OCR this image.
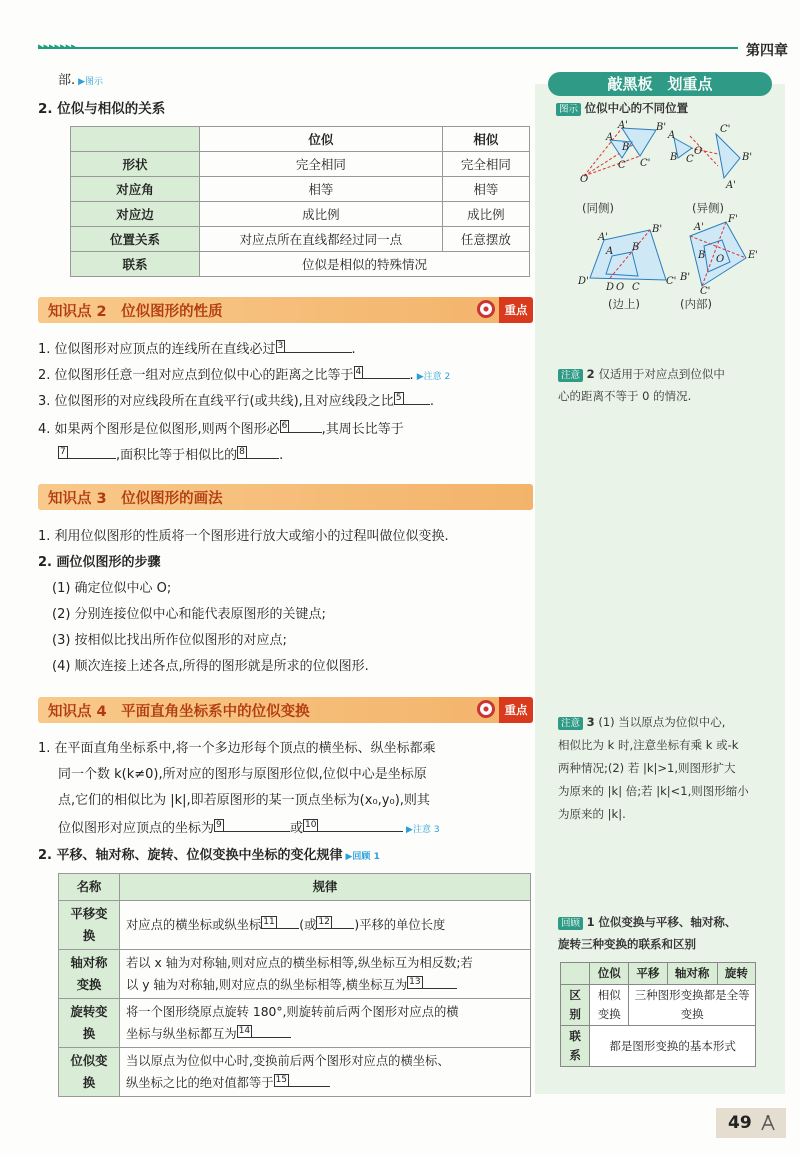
第四章
部. ▶图示
2. 位似与相似的关系
	位似	相似
形状	完全相同	完全相同
对应角	相等	相等
对应边	成比例	成比例
位置关系	对应点所在直线都经过同一点	任意摆放
联系	位似是相似的特殊情况	
知识点 2　位似图形的性质	重点
1. 位似图形对应顶点的连线所在直线必过 3	.
2. 位似图形任意一组对应点到位似中心的距离之比等于 4	. ▶注意 2
3. 位似图形的对应线段所在直线平行(或共线),且对应线段之比 5 .
4. 如果两个图形是位似图形,则两个图形必 6	,其周长比等于
7	,面积比等于相似比的 8	.
知识点 3　位似图形的画法
1. 利用位似图形的性质将一个图形进行放大或缩小的过程叫做位似变换.
2. 画位似图形的步骤
(1) 确定位似中心 O;
(2) 分别连接位似中心和能代表原图形的关键点;
(3) 按相似比找出所作位似图形的对应点;
(4) 顺次连接上述各点,所得的图形就是所求的位似图形.
知识点 4　平面直角坐标系中的位似变换	重点
1. 在平面直角坐标系中,将一个多边形每个顶点的横坐标、纵坐标都乘
同一个数 k(k≠0),所对应的图形与原图形位似,位似中心是坐标原
点,它们的相似比为 |k|,即若原图形的某一顶点坐标为(x₀,y₀),则其
位似图形对应顶点的坐标为 9	或 10	▶注意 3
2. 平移、轴对称、旋转、位似变换中坐标的变化规律 ▶回顾 1
名称	规律
平移变换	对应点的横坐标或纵坐标 11 (或 12 )平移的单位长度
轴对称变换	若以 x 轴为对称轴,则对应点的横坐标相等,纵坐标互为相反数;若
以 y 轴为对称轴,则对应点的纵坐标相等,横坐标互为 13

旋转变换	将一个图形绕原点旋转 180°,则旋转前后两个图形对应点的横
坐标与纵坐标都互为 14

位似变换	当以原点为位似中心时,变换前后两个图形对应点的横坐标、
纵坐标之比的绝对值都等于 15
敲黑板　划重点
图示 位似中心的不同位置
O
A'	B'
A
B
C C'
A
B C
O
C'
B'
A'
A'
B'
C'
D'
A B
D O C
A'
F'
E'
B O
B'
C'
(同侧)	(异侧)
(边上)	(内部)
注意 2 仅适用于对应点到位似中
心的距离不等于 0 的情况.
注意 3 (1) 当以原点为位似中心,
相似比为 k 时,注意坐标有乘 k 或-k
两种情况;(2) 若 |k|>1,则图形扩大
为原来的 |k| 倍;若 |k|<1,则图形缩小
为原来的 |k|.
回顾 1 位似变换与平移、轴对称、
旋转三种变换的联系和区别
	位似	平移	轴对称	旋转
区别	相似变换	三种图形变换都是全等变换		
联系	都是图形变换的基本形式			
49
